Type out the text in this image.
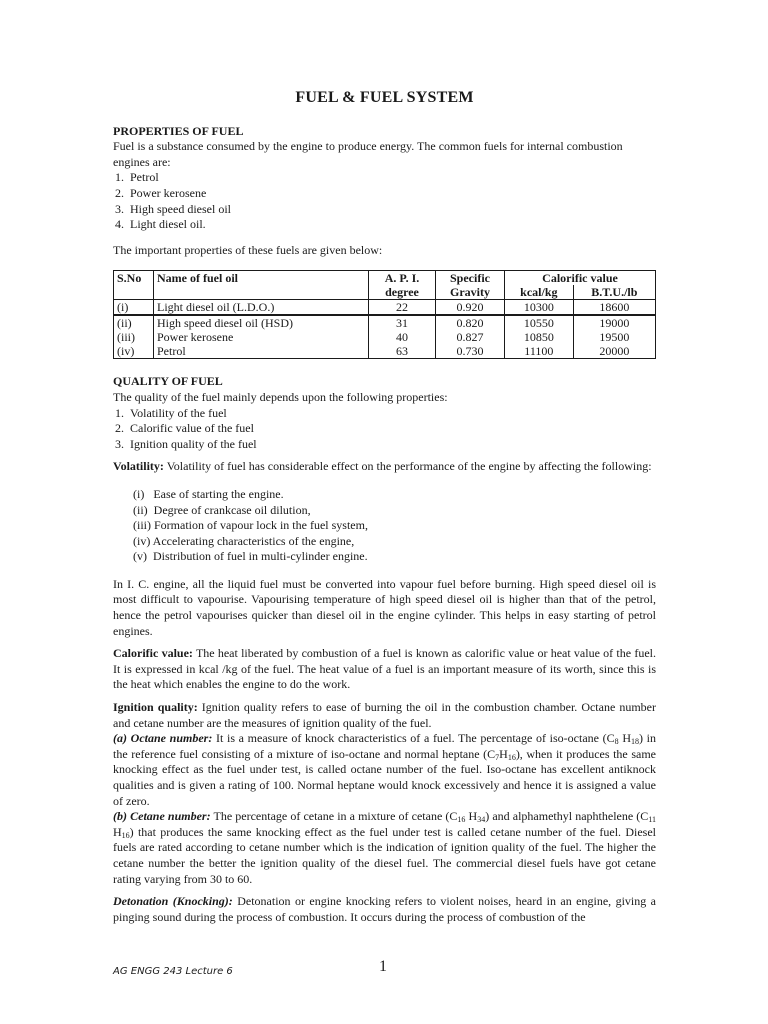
FUEL & FUEL SYSTEM

PROPERTIES OF FUEL

Fuel is a substance consumed by the engine to produce energy. The common fuels for internal combustion engines are:

1. Petrol
2. Power kerosene
3. High speed diesel oil
4. Light diesel oil.

The important properties of these fuels are given below:

S.No	Name of fuel oil	A. P. I. degree	Specific Gravity	Calorific value	
				kcal/kg	B.T.U./lb
(i)	Light diesel oil (L.D.O.)	22	0.920	10300	18600
(ii)	High speed diesel oil (HSD)	31	0.820	10550	19000
(iii)	Power kerosene	40	0.827	10850	19500
(iv)	Petrol	63	0.730	11100	20000

QUALITY OF FUEL

The quality of the fuel mainly depends upon the following properties:

1. Volatility of the fuel
2. Calorific value of the fuel
3. Ignition quality of the fuel

Volatility: Volatility of fuel has considerable effect on the performance of the engine by affecting the following:

(i)   Ease of starting the engine.
(ii)  Degree of crankcase oil dilution,
(iii) Formation of vapour lock in the fuel system,
(iv) Accelerating characteristics of the engine,
(v)  Distribution of fuel in multi-cylinder engine.

In I. C. engine, all the liquid fuel must be converted into vapour fuel before burning. High speed diesel oil is most difficult to vapourise. Vapourising temperature of high speed diesel oil is higher than that of the petrol, hence the petrol vapourises quicker than diesel oil in the engine cylinder. This helps in easy starting of petrol engines.

Calorific value: The heat liberated by combustion of a fuel is known as calorific value or heat value of the fuel. It is expressed in kcal /kg of the fuel. The heat value of a fuel is an important measure of its worth, since this is the heat which enables the engine to do the work.

Ignition quality: Ignition quality refers to ease of burning the oil in the combustion chamber. Octane number and cetane number are the measures of ignition quality of the fuel.
(a) Octane number: It is a measure of knock characteristics of a fuel. The percentage of iso-octane ($C_8$ $H_{18}$) in the reference fuel consisting of a mixture of iso-octane and normal heptane $(C_7H_{16})$, when it produces the same knocking effect as the fuel under test, is called octane number of the fuel. Iso-octane has excellent antiknock qualities and is given a rating of 100. Normal heptane would knock excessively and hence it is assigned a value of zero.
(b) Cetane number: The percentage of cetane in a mixture of cetane ($C_{16}$ $H_{34}$) and alphamethyl naphthelene ($C_{11}$ $H_{16}$) that produces the same knocking effect as the fuel under test is called cetane number of the fuel. Diesel fuels are rated according to cetane number which is the indication of ignition quality of the fuel. The higher the cetane number the better the ignition quality of the diesel fuel. The commercial diesel fuels have got cetane rating varying from 30 to 60.

Detonation (Knocking): Detonation or engine knocking refers to violent noises, heard in an engine, giving a pinging sound during the process of combustion. It occurs during the process of combustion of the

AG ENGG 243 Lecture 6	1
